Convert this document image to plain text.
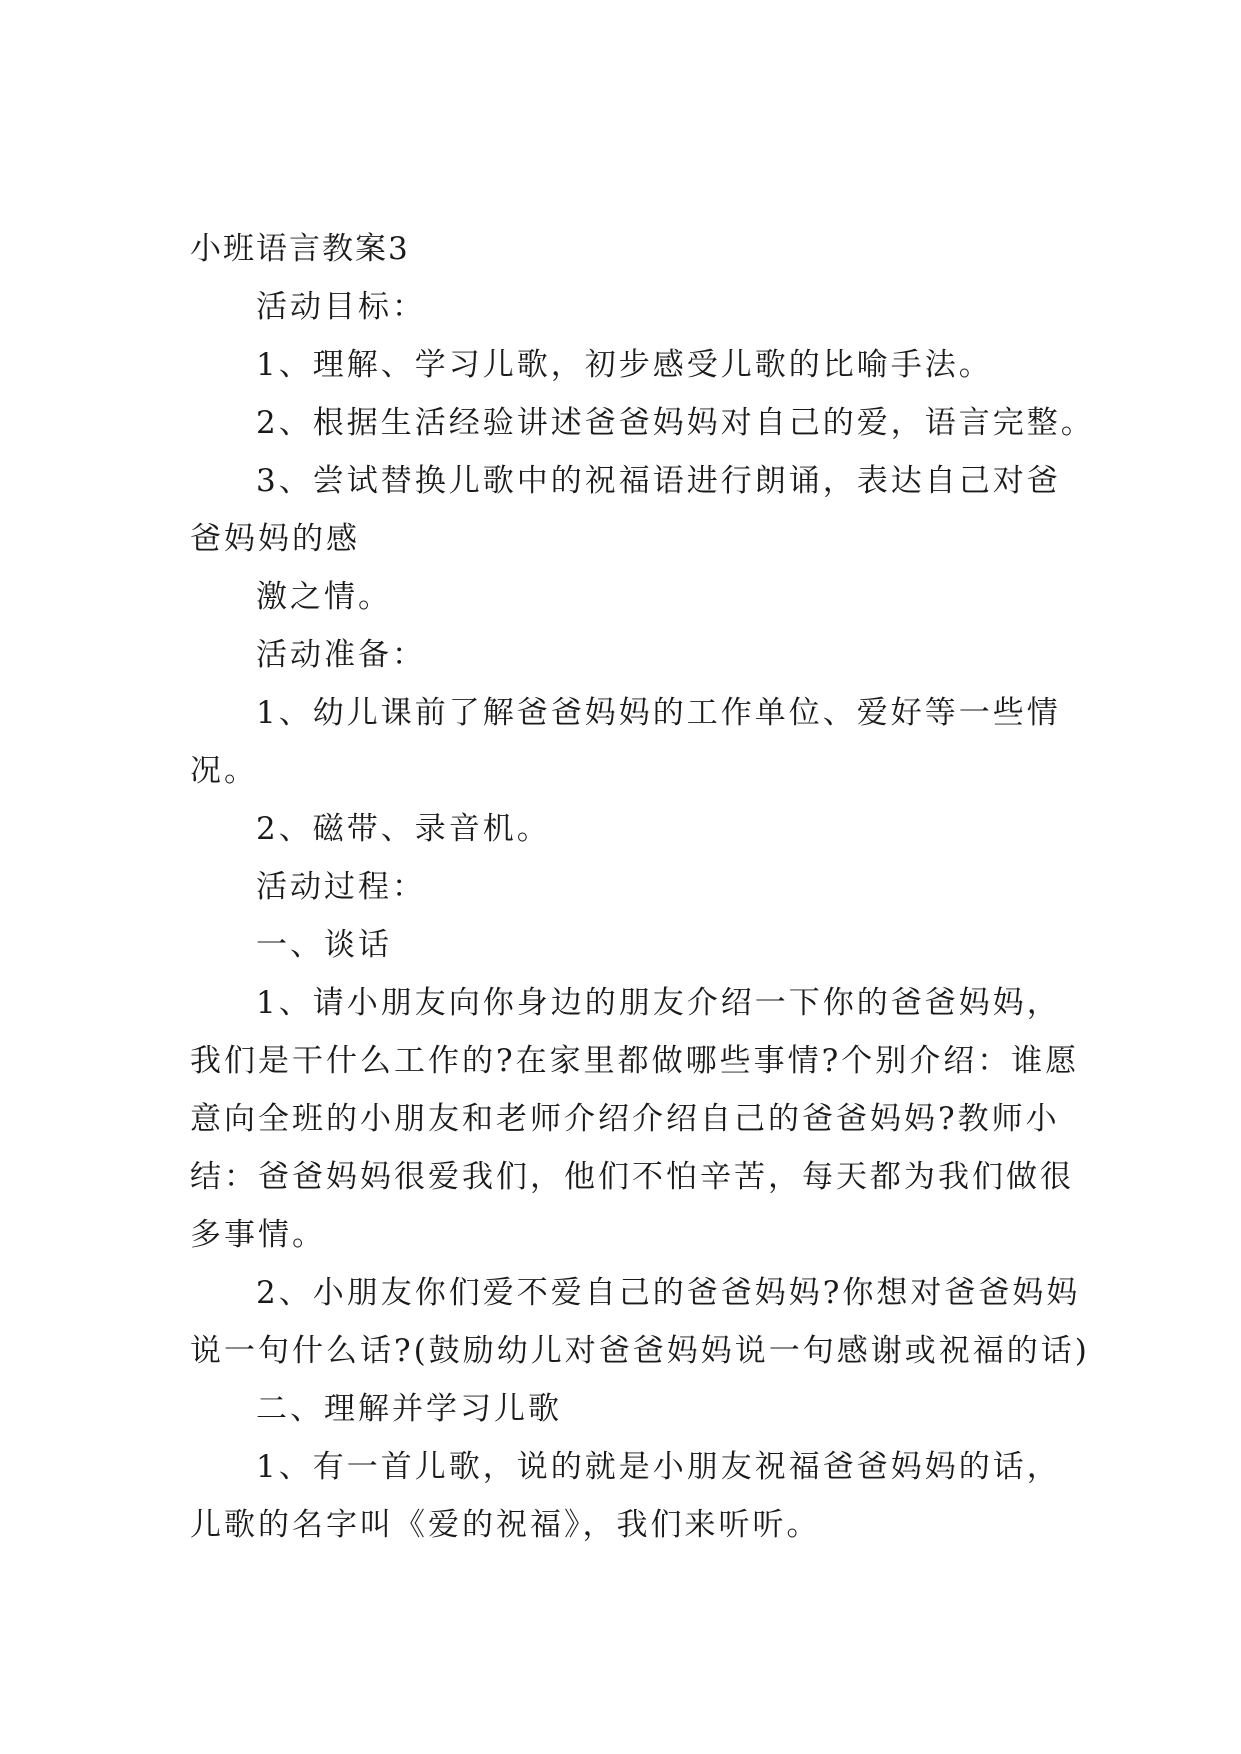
小班语言教案3
活动目标：
1、理解、学习儿歌，初步感受儿歌的比喻手法。
2、根据生活经验讲述爸爸妈妈对自己的爱，语言完整。
3、尝试替换儿歌中的祝福语进行朗诵，表达自己对爸
爸妈妈的感
激之情。
活动准备：
1、幼儿课前了解爸爸妈妈的工作单位、爱好等一些情
况。
2、磁带、录音机。
活动过程：
一、谈话
1、请小朋友向你身边的朋友介绍一下你的爸爸妈妈，
我们是干什么工作的?在家里都做哪些事情?个别介绍：谁愿
意向全班的小朋友和老师介绍介绍自己的爸爸妈妈?教师小
结：爸爸妈妈很爱我们，他们不怕辛苦，每天都为我们做很
多事情。
2、小朋友你们爱不爱自己的爸爸妈妈?你想对爸爸妈妈
说一句什么话?(鼓励幼儿对爸爸妈妈说一句感谢或祝福的话)
二、理解并学习儿歌
1、有一首儿歌，说的就是小朋友祝福爸爸妈妈的话，
儿歌的名字叫《爱的祝福》，我们来听听。
